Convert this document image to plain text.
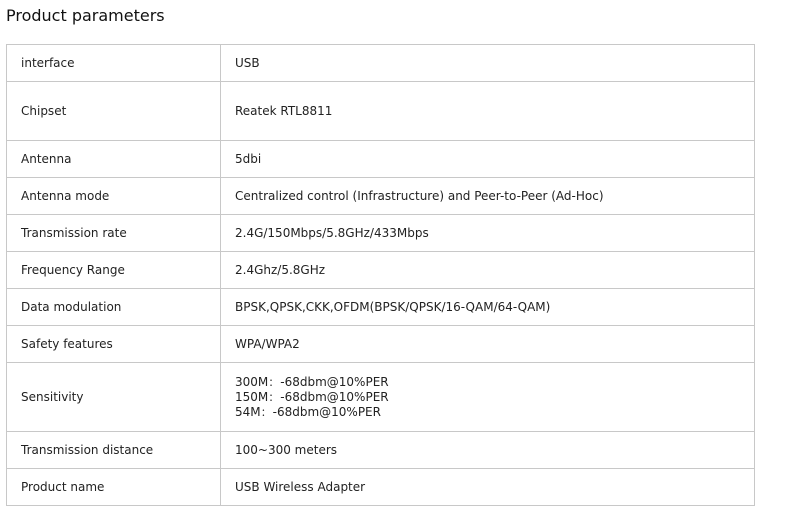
Product parameters
interface	USB

Chipset	Reatek RTL8811

Antenna	5dbi

Antenna mode	Centralized control (Infrastructure) and Peer-to-Peer (Ad-Hoc)

Transmission rate	2.4G/150Mbps/5.8GHz/433Mbps

Frequency Range	2.4Ghz/5.8GHz

Data modulation	BPSK,QPSK,CKK,OFDM(BPSK/QPSK/16-QAM/64-QAM)

Safety features	WPA/WPA2

Sensitivity	300M：-68dbm@10%PER
150M：-68dbm@10%PER
54M：-68dbm@10%PER

Transmission distance	100~300 meters

Product name	USB Wireless Adapter
